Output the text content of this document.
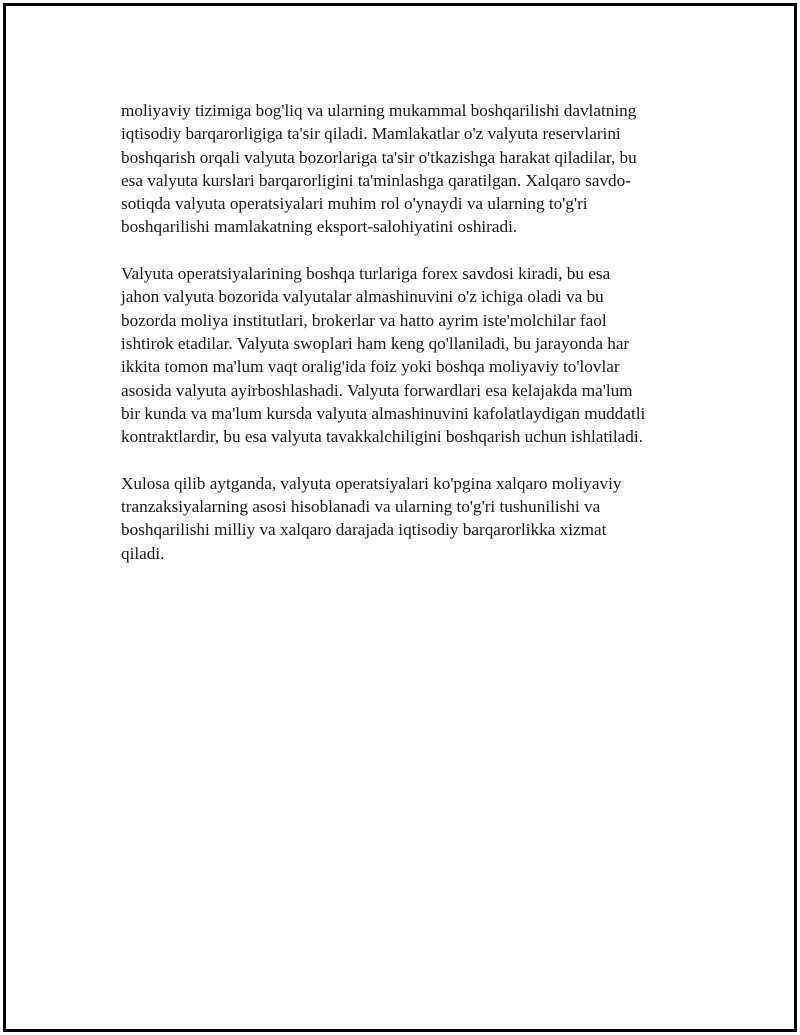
moliyaviy tizimiga bog'liq va ularning mukammal boshqarilishi davlatning
iqtisodiy barqarorligiga ta'sir qiladi. Mamlakatlar o'z valyuta reservlarini
boshqarish orqali valyuta bozorlariga ta'sir o'tkazishga harakat qiladilar, bu
esa valyuta kurslari barqarorligini ta'minlashga qaratilgan. Xalqaro savdo-
sotiqda valyuta operatsiyalari muhim rol o'ynaydi va ularning to'g'ri
boshqarilishi mamlakatning eksport-salohiyatini oshiradi.

Valyuta operatsiyalarining boshqa turlariga forex savdosi kiradi, bu esa
jahon valyuta bozorida valyutalar almashinuvini o'z ichiga oladi va bu
bozorda moliya institutlari, brokerlar va hatto ayrim iste'molchilar faol
ishtirok etadilar. Valyuta swoplari ham keng qo'llaniladi, bu jarayonda har
ikkita tomon ma'lum vaqt oralig'ida foiz yoki boshqa moliyaviy to'lovlar
asosida valyuta ayirboshlashadi. Valyuta forwardlari esa kelajakda ma'lum
bir kunda va ma'lum kursda valyuta almashinuvini kafolatlaydigan muddatli
kontraktlardir, bu esa valyuta tavakkalchiligini boshqarish uchun ishlatiladi.

Xulosa qilib aytganda, valyuta operatsiyalari ko'pgina xalqaro moliyaviy
tranzaksiyalarning asosi hisoblanadi va ularning to'g'ri tushunilishi va
boshqarilishi milliy va xalqaro darajada iqtisodiy barqarorlikka xizmat
qiladi.
